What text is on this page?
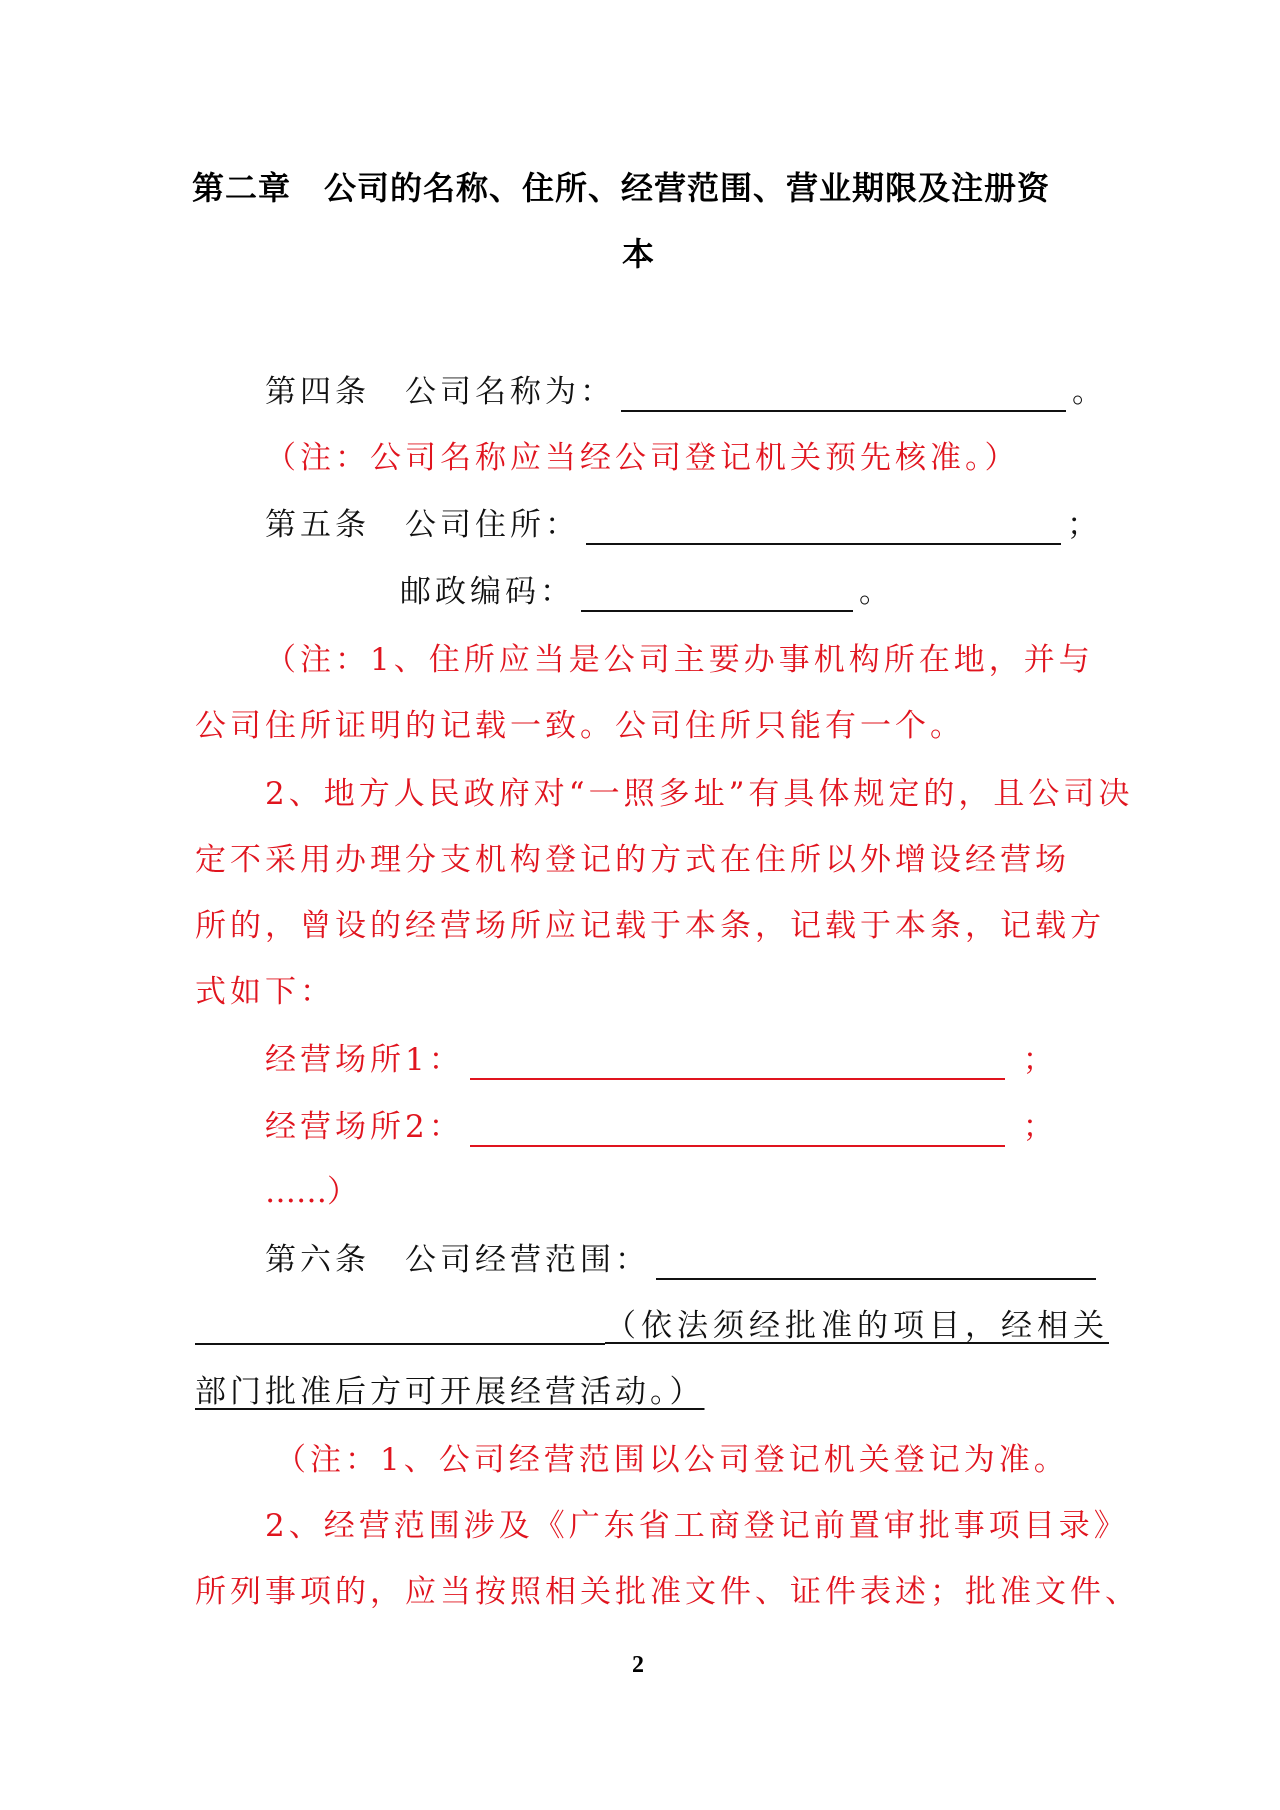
第二章　公司的名称、住所、经营范围、营业期限及注册资
本
第四条　公司名称为：	。
（注：公司名称应当经公司登记机关预先核准。）
第五条　公司住所：	；
邮政编码：	。
（注：1、住所应当是公司主要办事机构所在地，并与
公司住所证明的记载一致。公司住所只能有一个。
2、地方人民政府对“一照多址”有具体规定的，且公司决
定不采用办理分支机构登记的方式在住所以外增设经营场
所的，曾设的经营场所应记载于本条，记载于本条，记载方
式如下：
经营场所1：	；
经营场所2：	；
……）
第六条　公司经营范围：
（依法须经批准的项目，经相关
部门批准后方可开展经营活动。）
（注：1、公司经营范围以公司登记机关登记为准。
2、经营范围涉及《广东省工商登记前置审批事项目录》
所列事项的，应当按照相关批准文件、证件表述；批准文件、
2
